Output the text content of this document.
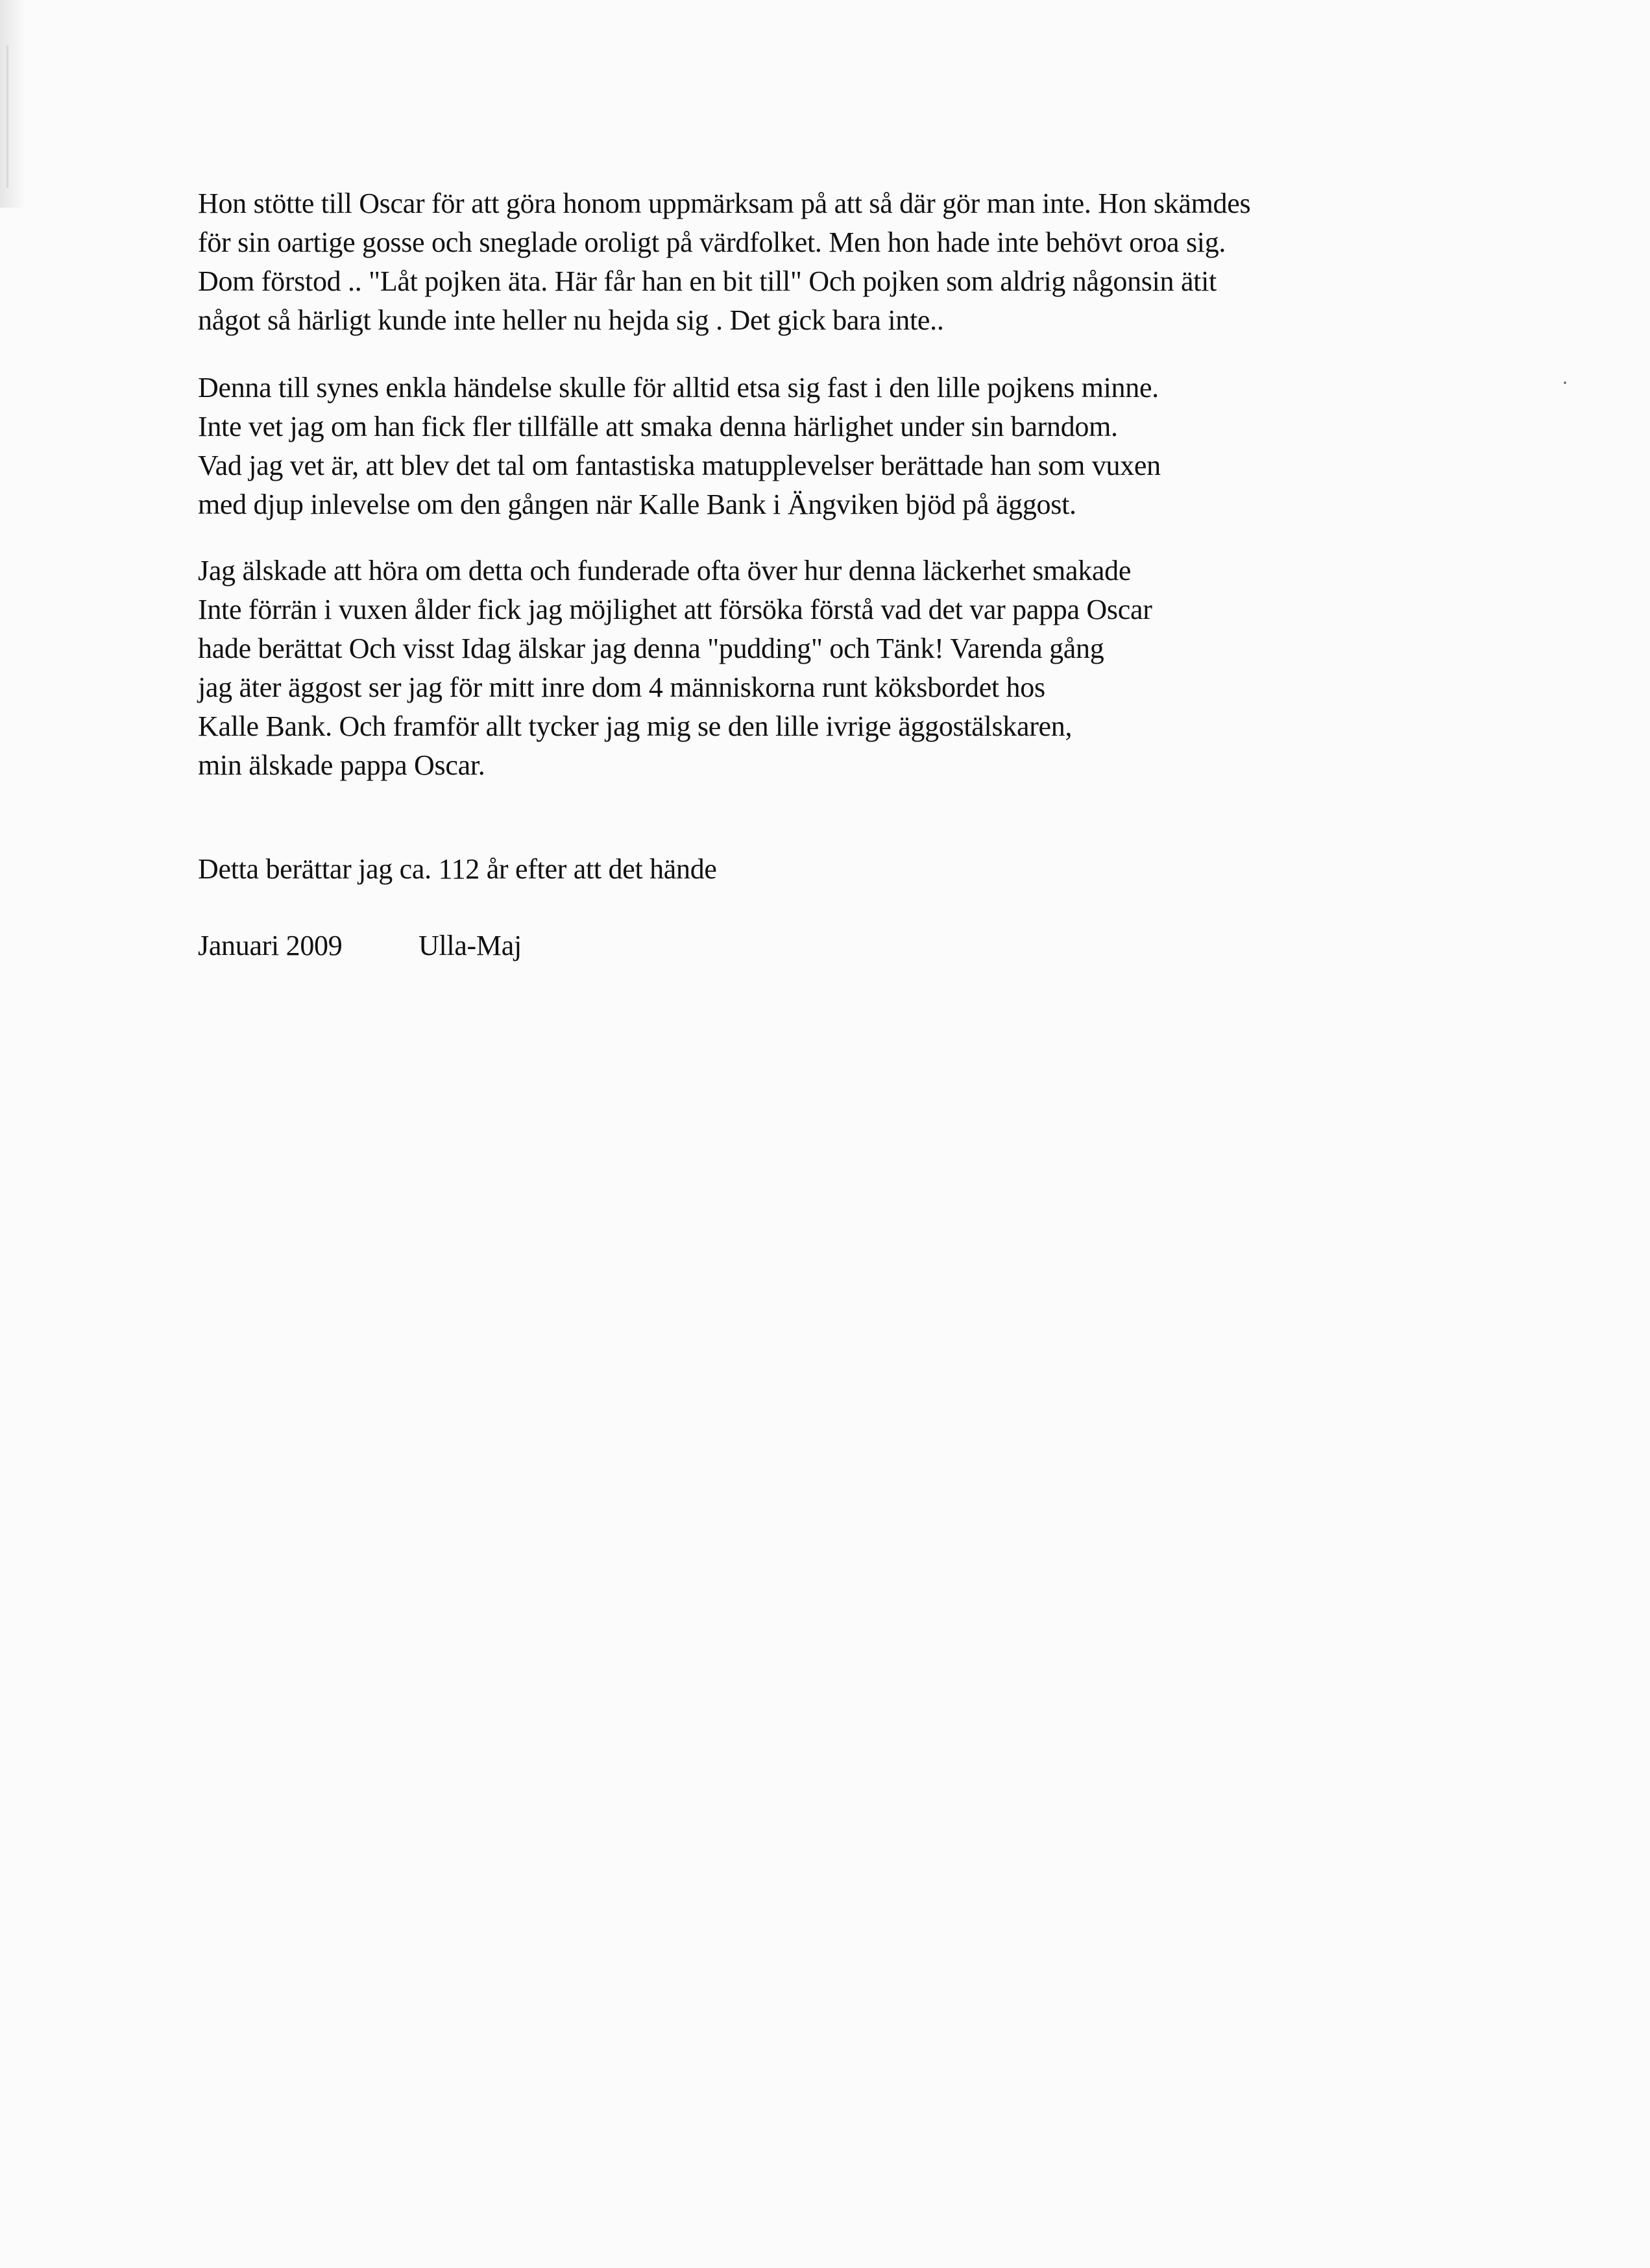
Hon stötte till Oscar för att göra honom uppmärksam på att så där gör man inte. Hon skämdes
för sin oartige gosse och sneglade oroligt på värdfolket. Men hon hade inte behövt oroa sig.
Dom förstod .. "Låt pojken äta. Här får han en bit till" Och pojken som aldrig någonsin ätit
något så härligt kunde inte heller nu hejda sig . Det gick bara inte..
Denna till synes enkla händelse skulle för alltid etsa sig fast i den lille pojkens minne.
Inte vet jag om han fick fler tillfälle att smaka denna härlighet under sin barndom.
Vad jag vet är, att blev det tal om fantastiska matupplevelser berättade han som vuxen
med djup inlevelse om den gången när Kalle Bank i Ängviken bjöd på äggost.
Jag älskade att höra om detta och funderade ofta över hur denna läckerhet smakade
Inte förrän i vuxen ålder fick jag möjlighet att försöka förstå vad det var pappa Oscar
hade berättat Och visst Idag älskar jag denna "pudding" och Tänk! Varenda gång
jag äter äggost ser jag för mitt inre dom 4 människorna runt köksbordet hos
Kalle Bank. Och framför allt tycker jag mig se den lille ivrige äggostälskaren,
min älskade pappa Oscar.
Detta berättar jag ca. 112 år efter att det hände
Januari 2009	Ulla-Maj
